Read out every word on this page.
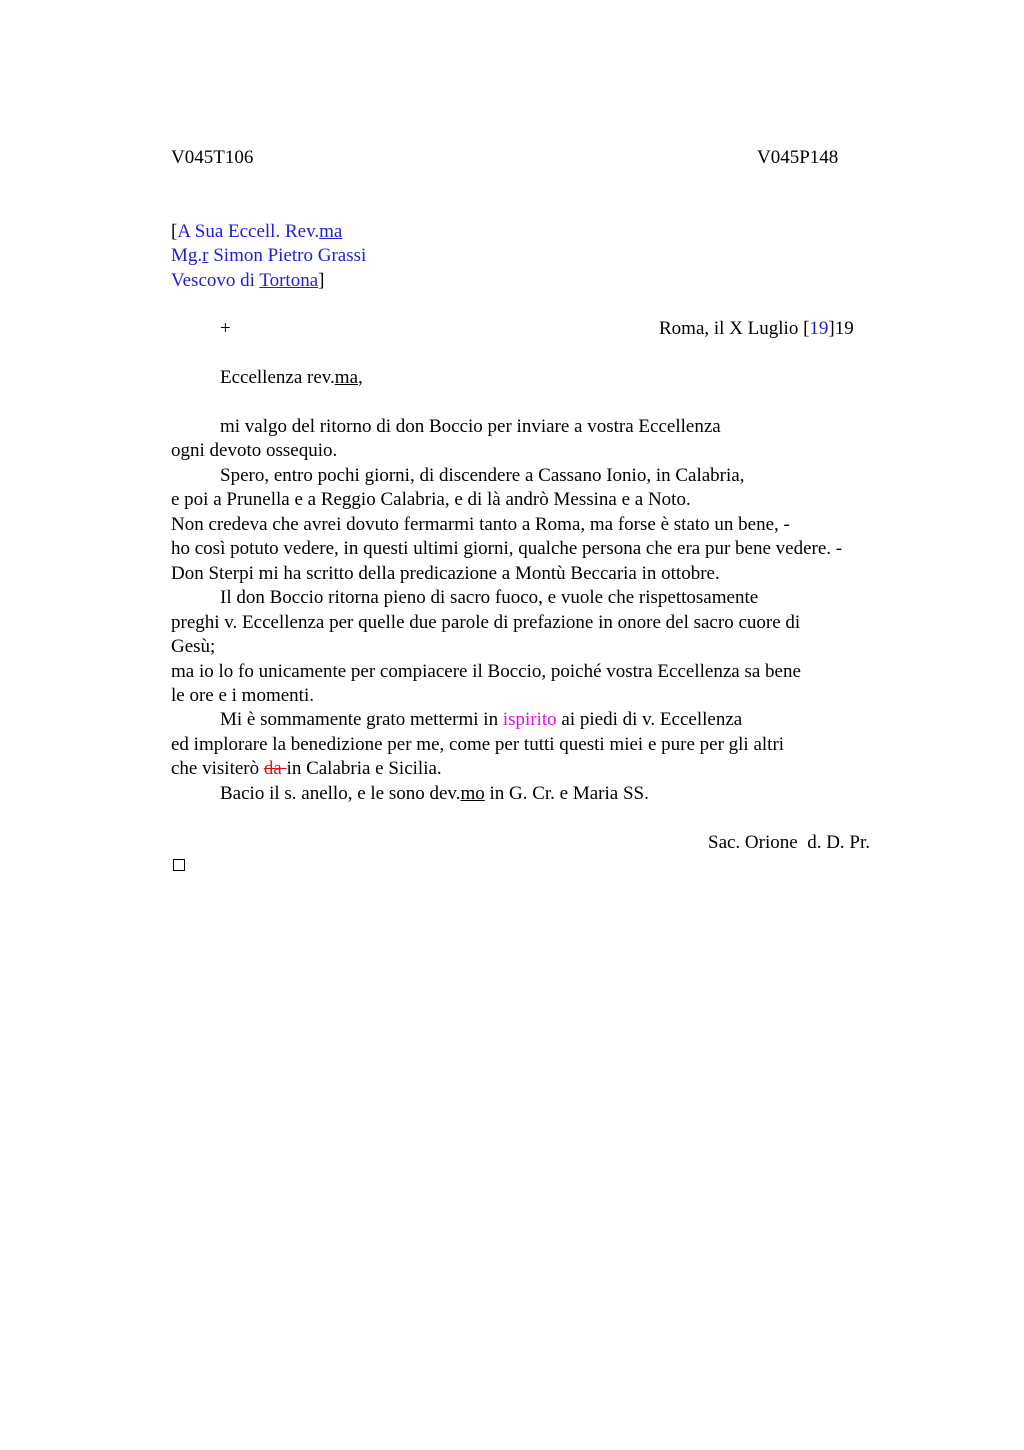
V045T106	V045P148
[A Sua Eccell. Rev.ma
Mg.r Simon Pietro Grassi
Vescovo di Tortona]
+	Roma, il X Luglio [19]19
Eccellenza rev.ma,
mi valgo del ritorno di don Boccio per inviare a vostra Eccellenza
ogni devoto ossequio.
Spero, entro pochi giorni, di discendere a Cassano Ionio, in Calabria,
e poi a Prunella e a Reggio Calabria, e di là andrò Messina e a Noto.
Non credeva che avrei dovuto fermarmi tanto a Roma, ma forse è stato un bene, -
ho così potuto vedere, in questi ultimi giorni, qualche persona che era pur bene vedere. -
Don Sterpi mi ha scritto della predicazione a Montù Beccaria in ottobre.
Il don Boccio ritorna pieno di sacro fuoco, e vuole che rispettosamente
preghi v. Eccellenza per quelle due parole di prefazione in onore del sacro cuore di
Gesù;
ma io lo fo unicamente per compiacere il Boccio, poiché vostra Eccellenza sa bene
le ore e i momenti.
Mi è sommamente grato mettermi in ispirito ai piedi di v. Eccellenza
ed implorare la benedizione per me, come per tutti questi miei e pure per gli altri
che visiterò da in Calabria e Sicilia.
Bacio il s. anello, e le sono dev.mo in G. Cr. e Maria SS.
Sac. Orione  d. D. Pr.
